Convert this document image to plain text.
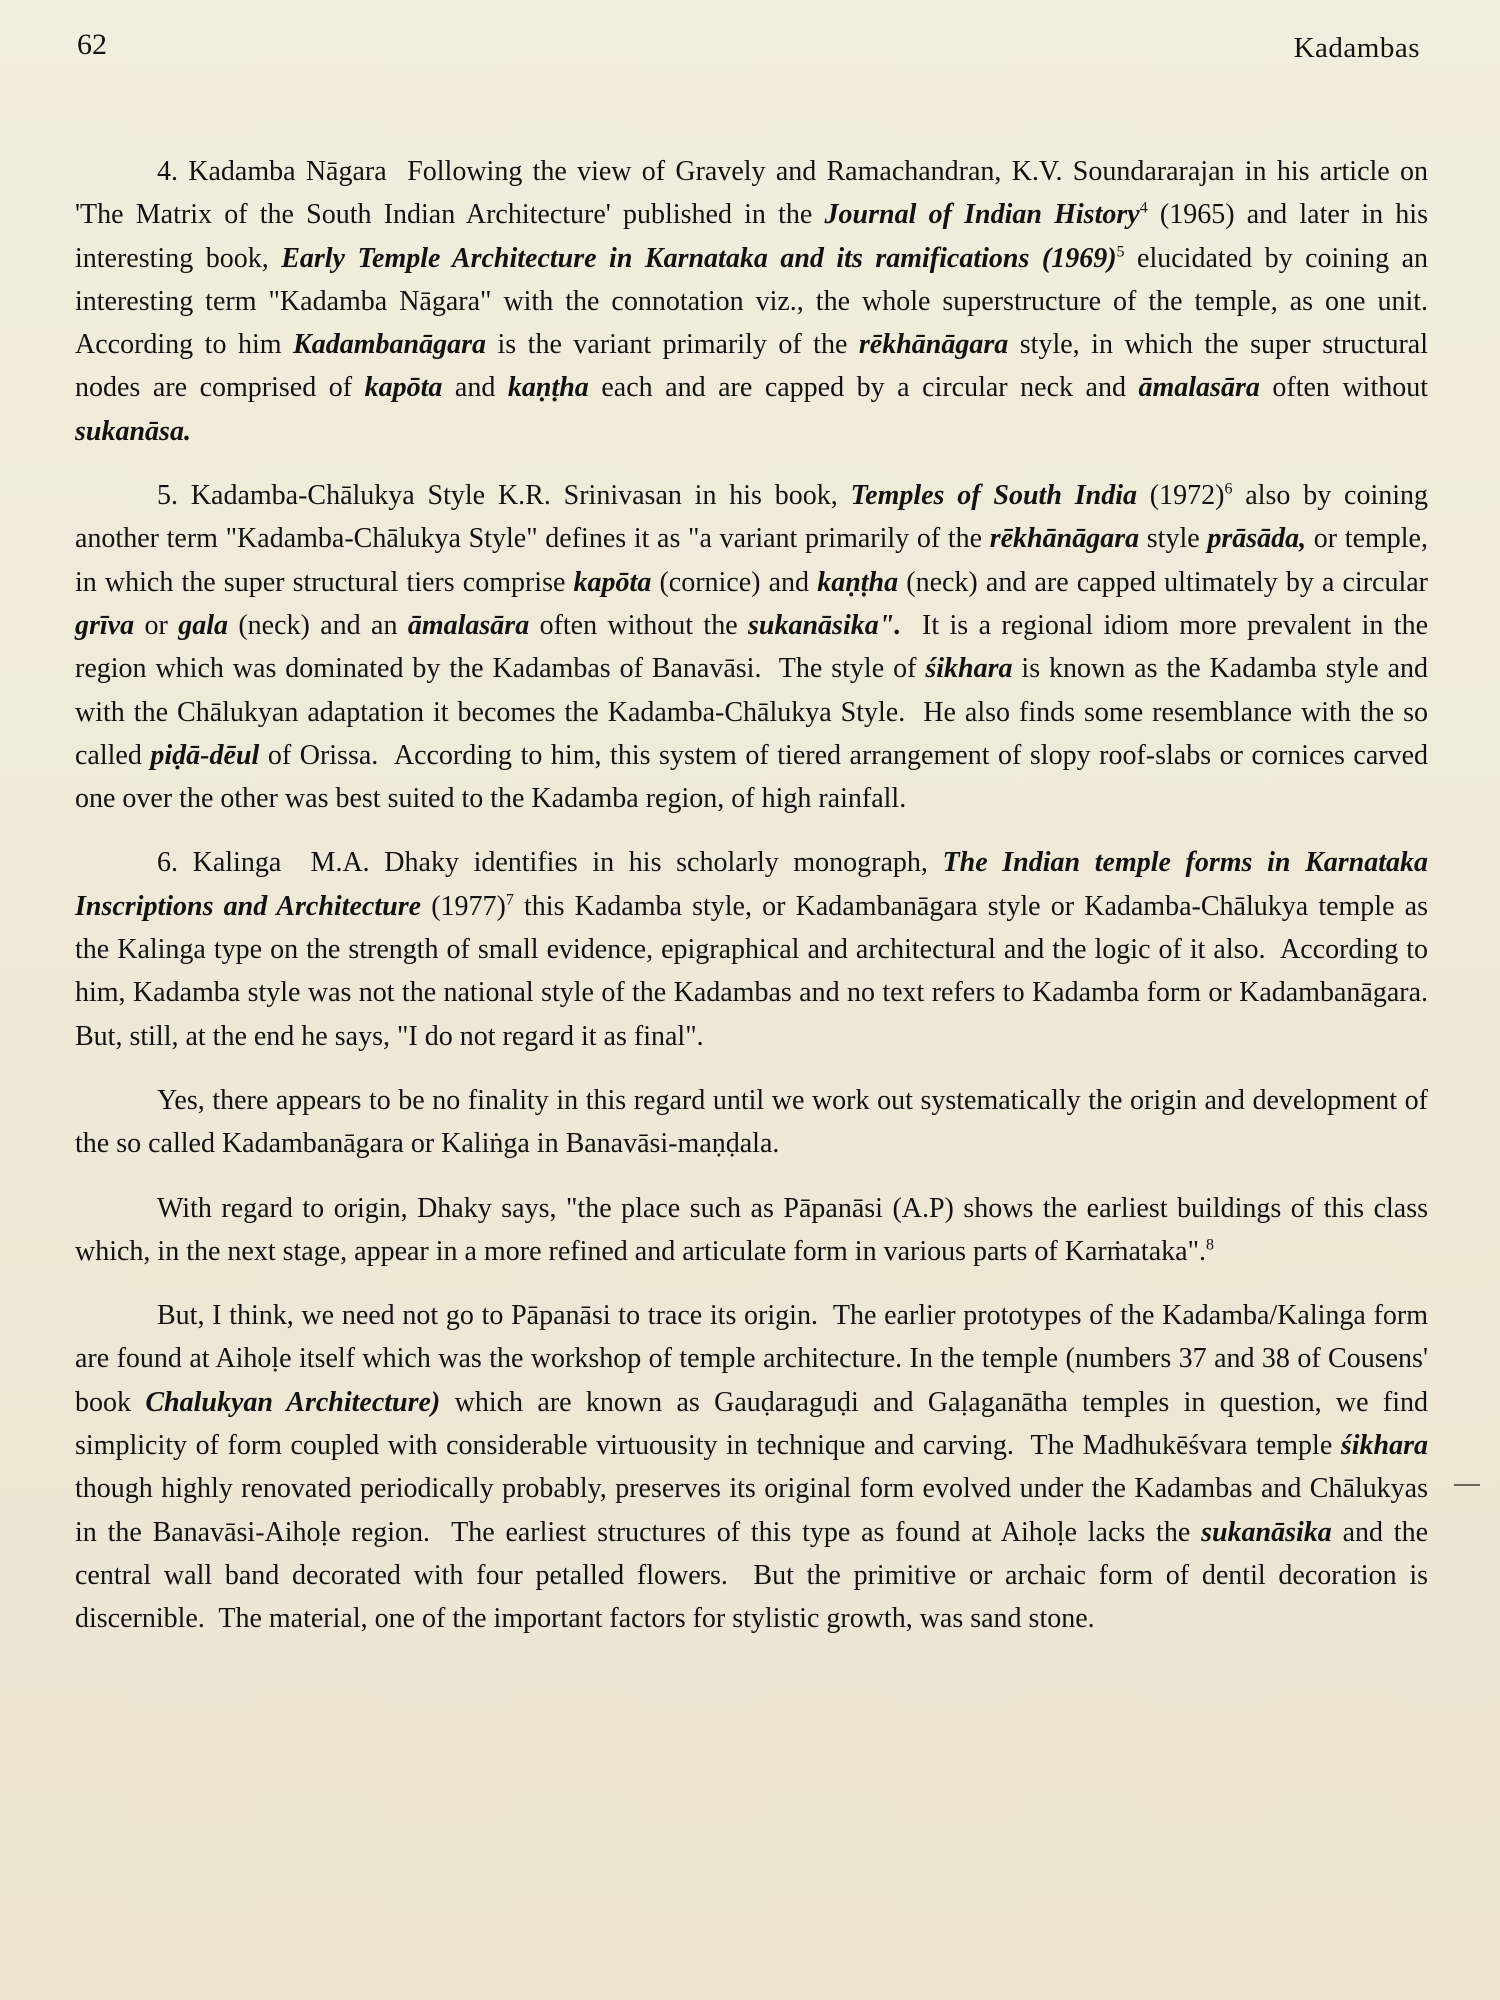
62	Kadambas

4. Kadamba Nāgara  Following the view of Gravely and Ramachandran, K.V. Soundararajan in his article on 'The Matrix of the South Indian Architecture' published in the Journal of Indian History$^4$ (1965) and later in his interesting book, Early Temple Architecture in Karnataka and its ramifications $(1969)^5$ elucidated by coining an interesting term "Kadamba Nāgara" with the connotation viz., the whole superstructure of the temple, as one unit.  According to him Kadambanāgara is the variant primarily of the rēkhānāgara style, in which the super structural nodes are comprised of kapōta and kaṇṭha each and are capped by a circular neck and āmalasāra often without sukanāsa.

5. Kadamba-Chālukya Style K.R. Srinivasan in his book, Temples of South India $(1972)^6$ also by coining another term "Kadamba-Chālukya Style" defines it as "a variant primarily of the rēkhānāgara style prāsāda, or temple, in which the super structural tiers comprise kapōta (cornice) and kaṇṭha (neck) and are capped ultimately by a circular grīva or gala (neck) and an āmalasāra often without the sukanāsika".  It is a regional idiom more prevalent in the region which was dominated by the Kadambas of Banavāsi.  The style of śikhara is known as the Kadamba style and with the Chālukyan adaptation it becomes the Kadamba-Chālukya Style.  He also finds some resemblance with the so  called piḍā-dēul of Orissa.  According to him, this system of tiered arrangement of slopy roof-slabs or cornices carved one over the other was best suited to the Kadamba region, of high rainfall.

6. Kalinga  M.A. Dhaky identifies in his scholarly monograph, The Indian temple forms in Karnataka Inscriptions and Architecture $(1977)^7$ this Kadamba style, or Kadambanāgara style or Kadamba-Chālukya temple as the Kalinga type on the strength of small evidence, epigraphical and architectural and the logic of it also.  According to him, Kadamba style was not the national style of the Kadambas and no text refers to Kadamba form or Kadambanāgara.  But, still, at the end he says, "I do not regard it as final".

Yes, there appears to be no finality in this regard until we work out systematically the origin and development of the so called Kadambanāgara or Kaliṅga in Banavāsi-maṇḍala.

With regard to origin, Dhaky says, "the place such as Pāpanāsi (A.P) shows the earliest buildings of this class which, in the next stage, appear in a more refined and articulate form in various parts of Karṁataka".$^8$

But, I think, we need not go to Pāpanāsi to trace its origin.  The earlier prototypes of the Kadamba/Kalinga form are found at Aihoḷe itself which was the workshop of temple architecture. In the temple (numbers 37 and 38 of Cousens' book Chalukyan Architecture) which are known as Gauḍaraguḍi and Gaḷaganātha temples in question, we find simplicity of form coupled with considerable virtuousity in technique and carving.  The Madhukēśvara temple śikhara though highly renovated periodically probably, preserves its original form evolved under the Kadambas and Chālukyas in the Banavāsi-Aihoḷe region.  The earliest structures of this type as found at Aihoḷe lacks the sukanāsika and the central wall band decorated with four petalled flowers.  But the primitive or archaic form of dentil decoration is discernible.  The material, one of the important factors for stylistic growth, was sand stone.
